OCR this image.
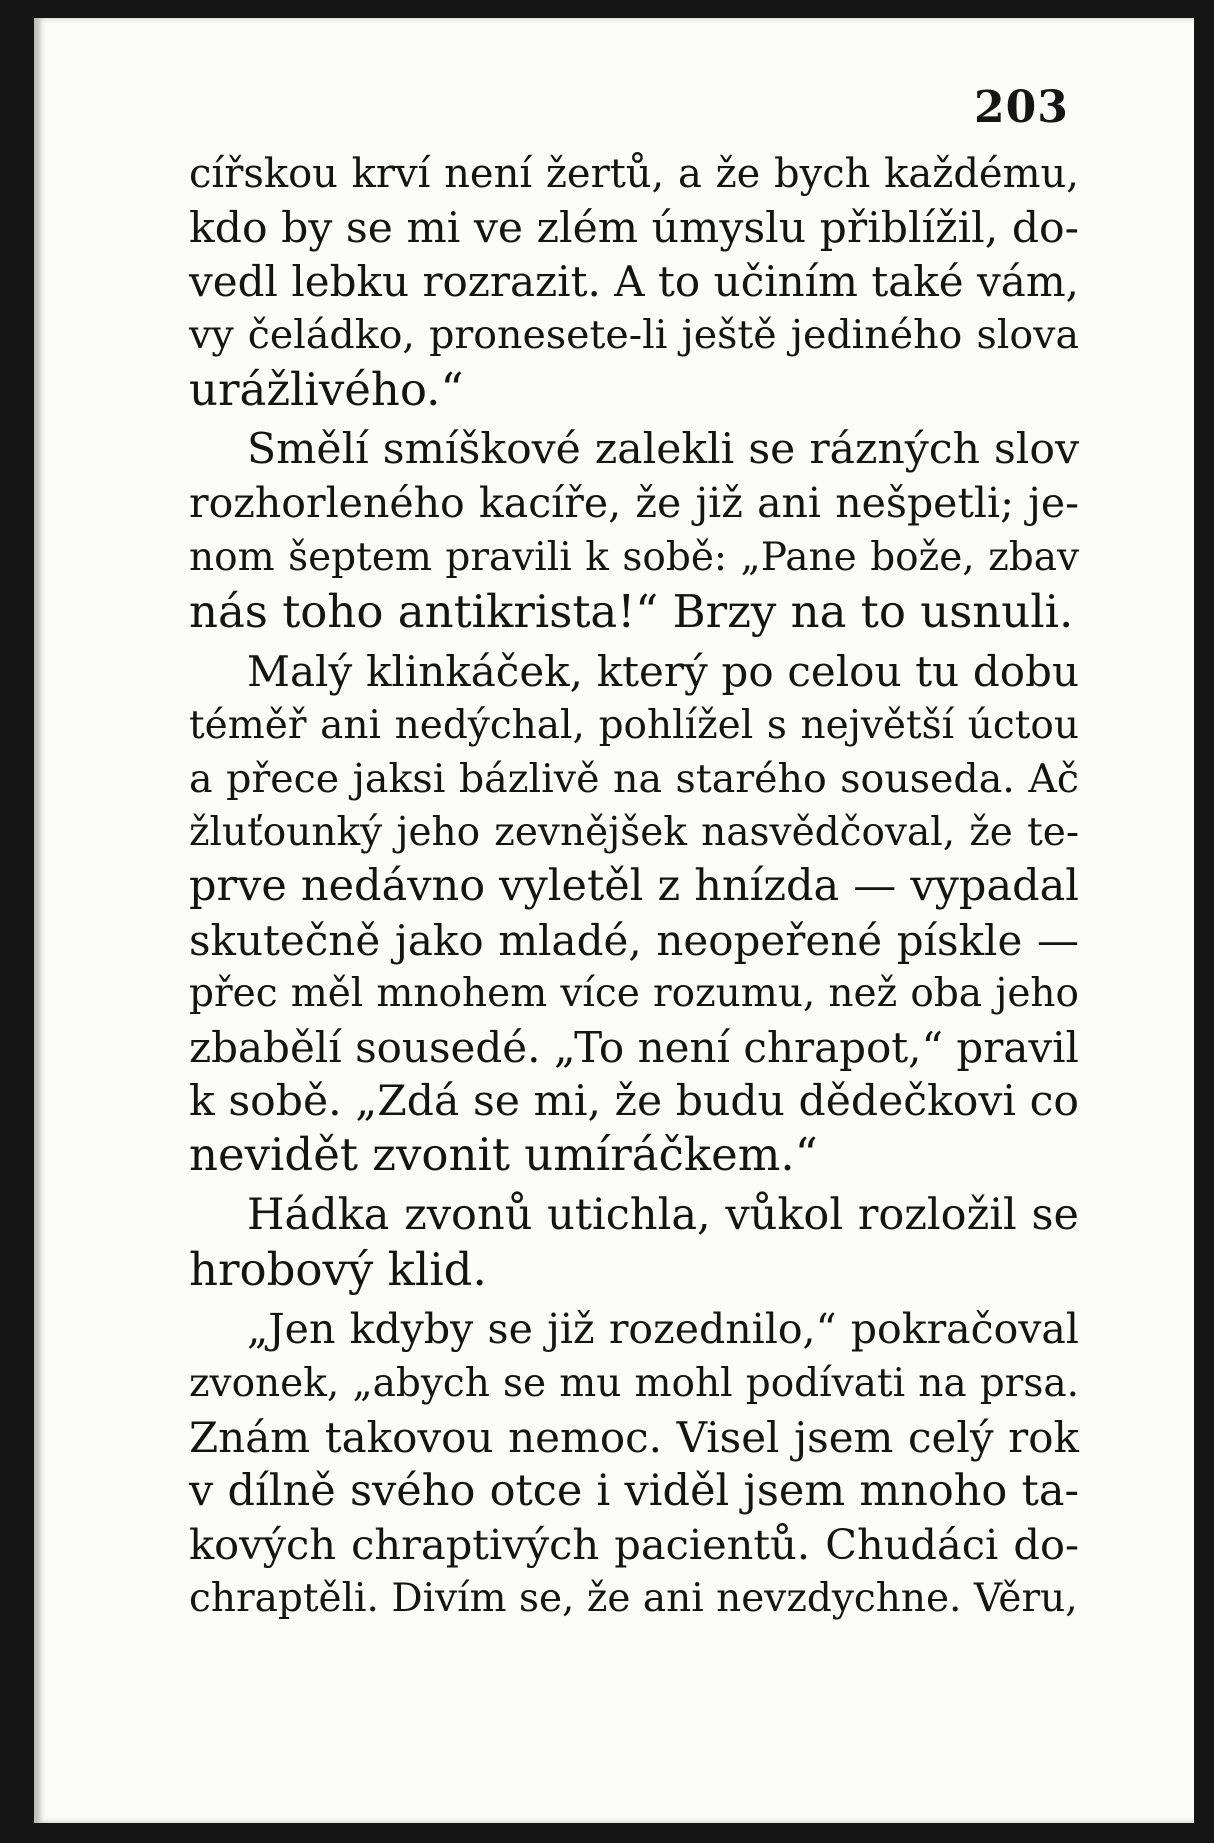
203
cířskou krví není žertů, a že bych každému,
kdo by se mi ve zlém úmyslu přiblížil, do-
vedl lebku rozrazit. A to učiním také vám,
vy čeládko, pronesete-li ještě jediného slova
urážlivého.“
Smělí smíškové zalekli se rázných slov
rozhorleného kacíře, že již ani nešpetli; je-
nom šeptem pravili k sobě: „Pane bože, zbav
nás toho antikrista!“ Brzy na to usnuli.
Malý klinkáček, který po celou tu dobu
téměř ani nedýchal, pohlížel s největší úctou
a přece jaksi bázlivě na starého souseda. Ač
žluťounký jeho zevnějšek nasvědčoval, že te-
prve nedávno vyletěl z hnízda — vypadal
skutečně jako mladé, neopeřené pískle —
přec měl mnohem více rozumu, než oba jeho
zbabělí sousedé. „To není chrapot,“ pravil
k sobě. „Zdá se mi, že budu dědečkovi co
nevidět zvonit umíráčkem.“
Hádka zvonů utichla, vůkol rozložil se
hrobový klid.
„Jen kdyby se již rozednilo,“ pokračoval
zvonek, „abych se mu mohl podívati na prsa.
Znám takovou nemoc. Visel jsem celý rok
v dílně svého otce i viděl jsem mnoho ta-
kových chraptivých pacientů. Chudáci do-
chraptěli. Divím se, že ani nevzdychne. Věru,
